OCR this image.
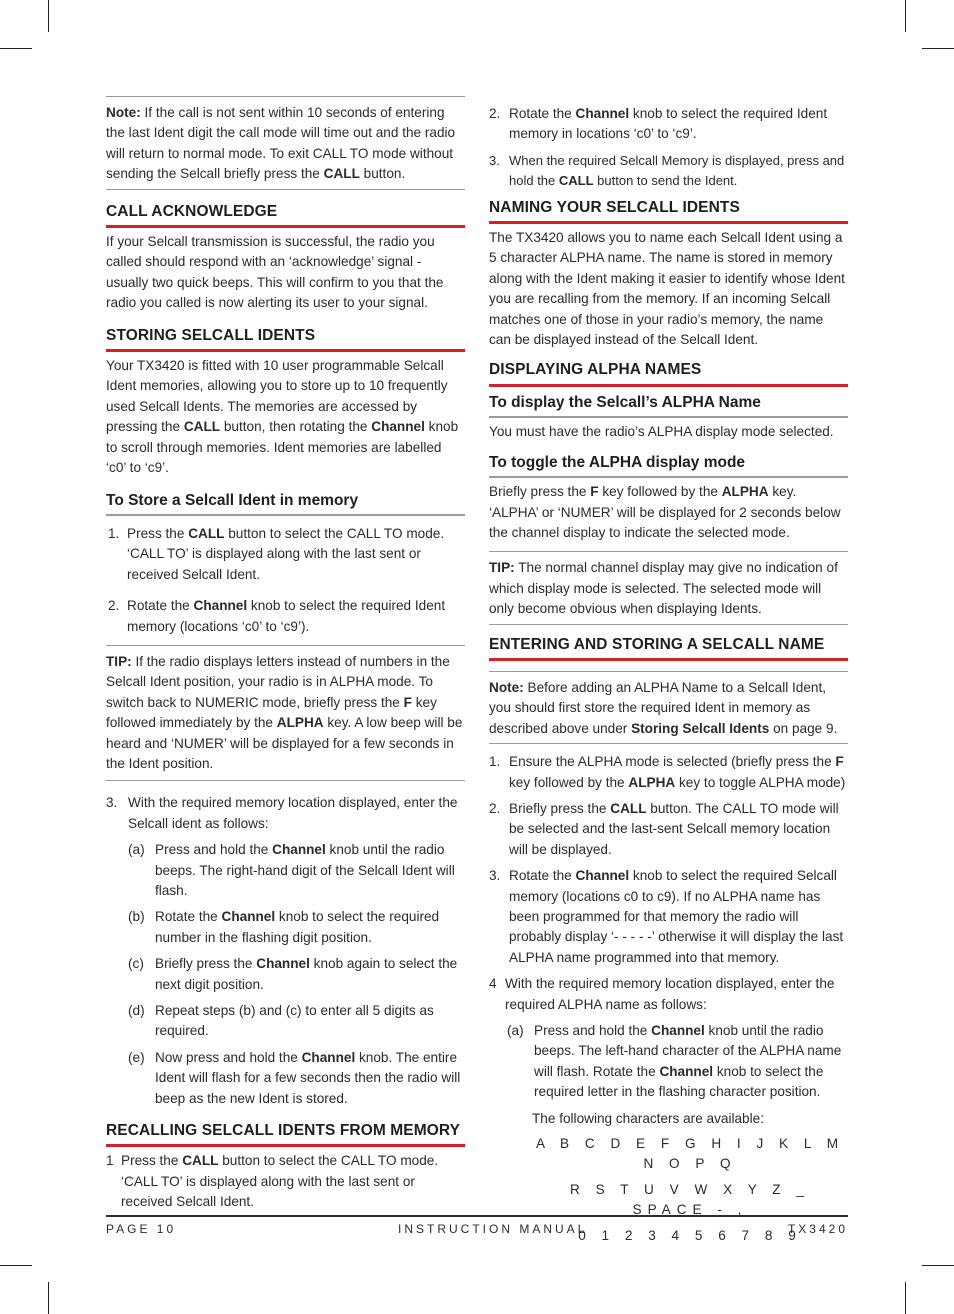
Note: If the call is not sent within 10 seconds of entering the last Ident digit the call mode will time out and the radio will return to normal mode. To exit CALL TO mode without sending the Selcall briefly press the CALL button.
CALL ACKNOWLEDGE

If your Selcall transmission is successful, the radio you called should respond with an ‘acknowledge’ signal - usually two quick beeps. This will confirm to you that the radio you called is now alerting its user to your signal.

STORING SELCALL IDENTS

Your TX3420 is fitted with 10 user programmable Selcall Ident memories, allowing you to store up to 10 frequently used Selcall Idents. The memories are accessed by pressing the CALL button, then rotating the Channel knob to scroll through memories. Ident memories are labelled ‘c0’ to ‘c9’.

To Store a Selcall Ident in memory
1. Press the CALL button to select the CALL TO mode. ‘CALL TO’ is displayed along with the last sent or received Selcall Ident.
2. Rotate the Channel knob to select the required Ident memory (locations ‘c0’ to ‘c9’).
TIP: If the radio displays letters instead of numbers in the Selcall Ident position, your radio is in ALPHA mode. To switch back to NUMERIC mode, briefly press the F key followed immediately by the ALPHA key. A low beep will be heard and ‘NUMER’ will be displayed for a few seconds in the Ident position.
3. With the required memory location displayed, enter the Selcall ident as follows:
(a) Press and hold the Channel knob until the radio beeps. The right-hand digit of the Selcall Ident will flash.
(b) Rotate the Channel knob to select the required number in the flashing digit position.
(c) Briefly press the Channel knob again to select the next digit position.
(d) Repeat steps (b) and (c) to enter all 5 digits as required.
(e) Now press and hold the Channel knob. The entire Ident will flash for a few seconds then the radio will beep as the new Ident is stored.
RECALLING SELCALL IDENTS FROM MEMORY
1 Press the CALL button to select the CALL TO mode. ‘CALL TO’ is displayed along with the last sent or received Selcall Ident.
2. Rotate the Channel knob to select the required Ident memory in locations ‘c0’ to ‘c9’.
3. When the required Selcall Memory is displayed, press and hold the CALL button to send the Ident.
NAMING YOUR SELCALL IDENTS

The TX3420 allows you to name each Selcall Ident using a 5 character ALPHA name. The name is stored in memory along with the Ident making it easier to identify whose Ident you are recalling from the memory. If an incoming Selcall matches one of those in your radio’s memory, the name can be displayed instead of the Selcall Ident.

DISPLAYING ALPHA NAMES
To display the Selcall’s ALPHA Name

You must have the radio’s ALPHA display mode selected.

To toggle the ALPHA display mode

Briefly press the F key followed by the ALPHA key. ‘ALPHA’ or ‘NUMER’ will be displayed for 2 seconds below the channel display to indicate the selected mode.

TIP: The normal channel display may give no indication of which display mode is selected. The selected mode will only become obvious when displaying Idents.
ENTERING AND STORING A SELCALL NAME
Note: Before adding an ALPHA Name to a Selcall Ident, you should first store the required Ident in memory as described above under Storing Selcall Idents on page 9.
1. Ensure the ALPHA mode is selected (briefly press the F key followed by the ALPHA key to toggle ALPHA mode)
2. Briefly press the CALL button. The CALL TO mode will be selected and the last-sent Selcall memory location will be displayed.
3. Rotate the Channel knob to select the required Selcall memory (locations c0 to c9). If no ALPHA name has been programmed for that memory the radio will probably display ‘- - - - -’ otherwise it will display the last ALPHA name programmed into that memory.
4 With the required memory location displayed, enter the required ALPHA name as follows:
(a) Press and hold the Channel knob until the radio beeps. The left-hand character of the ALPHA name will flash. Rotate the Channel knob to select the required letter in the flashing character position.

The following characters are available:

A B C D E F G H I J K L M N O P Q

R S T U V W X Y Z _ SPACE - ,

0 1 2 3 4 5 6 7 8 9

PAGE 10	INSTRUCTION MANUAL	TX3420
